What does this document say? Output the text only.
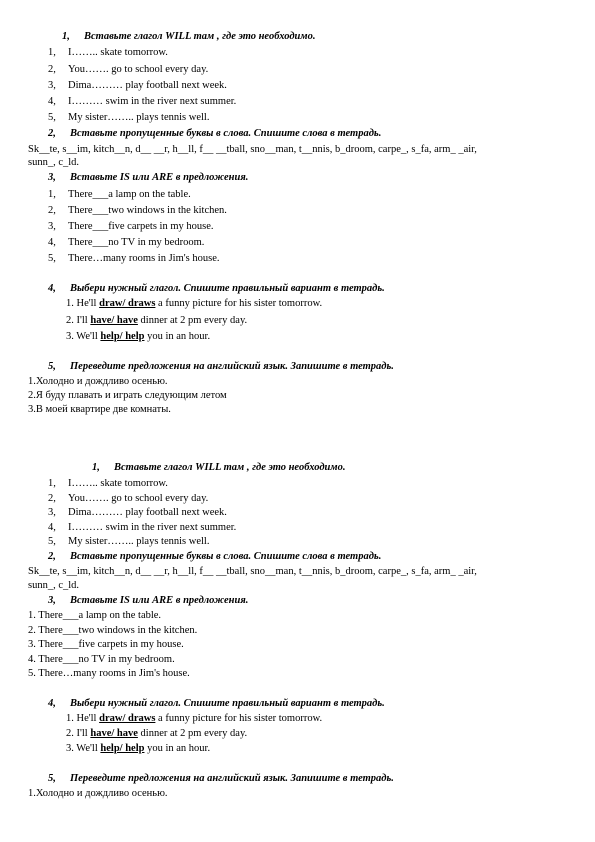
1, Вставьте глагол WILL там , где это необходимо.
1, I…….. skate tomorrow.
2, You……. go to school every day.
3, Dima……… play football next week.
4, I……… swim in the river next summer.
5, My sister…….. plays tennis well.
2, Вставьте пропущенные буквы в слова. Спишите слова в тетрадь.
Sk__te, s__im, kitch__n, d__ __r, h__ll, f__ __tball, sno__man, t__nnis, b_droom, carpe_, s_fa, arm_ _air,
sunn_, c_ld.
3, Вставьте IS или ARE в предложения.
1, There___a lamp on the table.
2, There___two windows in the kitchen.
3, There___five carpets in my house.
4, There___no TV in my bedroom.
5, There…many rooms in Jim's house.
4, Выбери нужный глагол. Спишите правильный вариант в тетрадь.
1. He'll draw/ draws a funny picture for his sister tomorrow.
2. I'll have/ have dinner at 2 pm every day.
3. We'll help/ help you in an hour.
5, Переведите предложения на английский язык. Запишите в тетрадь.
1.Холодно и дождливо осенью.
2.Я буду плавать и играть следующим летом
3.В моей квартире две комнаты.
1, Вставьте глагол WILL там , где это необходимо.
1, I…….. skate tomorrow.
2, You……. go to school every day.
3, Dima……… play football next week.
4, I……… swim in the river next summer.
5, My sister…….. plays tennis well.
2, Вставьте пропущенные буквы в слова. Спишите слова в тетрадь.
Sk__te, s__im, kitch__n, d__ __r, h__ll, f__ __tball, sno__man, t__nnis, b_droom, carpe_, s_fa, arm_ _air,
sunn_, c_ld.
3, Вставьте IS или ARE в предложения.
1. There___a lamp on the table.
2. There___two windows in the kitchen.
3. There___five carpets in my house.
4. There___no TV in my bedroom.
5. There…many rooms in Jim's house.
4, Выбери нужный глагол. Спишите правильный вариант в тетрадь.
1. He'll draw/ draws a funny picture for his sister tomorrow.
2. I'll have/ have dinner at 2 pm every day.
3. We'll help/ help you in an hour.
5, Переведите предложения на английский язык. Запишите в тетрадь.
1.Холодно и дождливо осенью.
